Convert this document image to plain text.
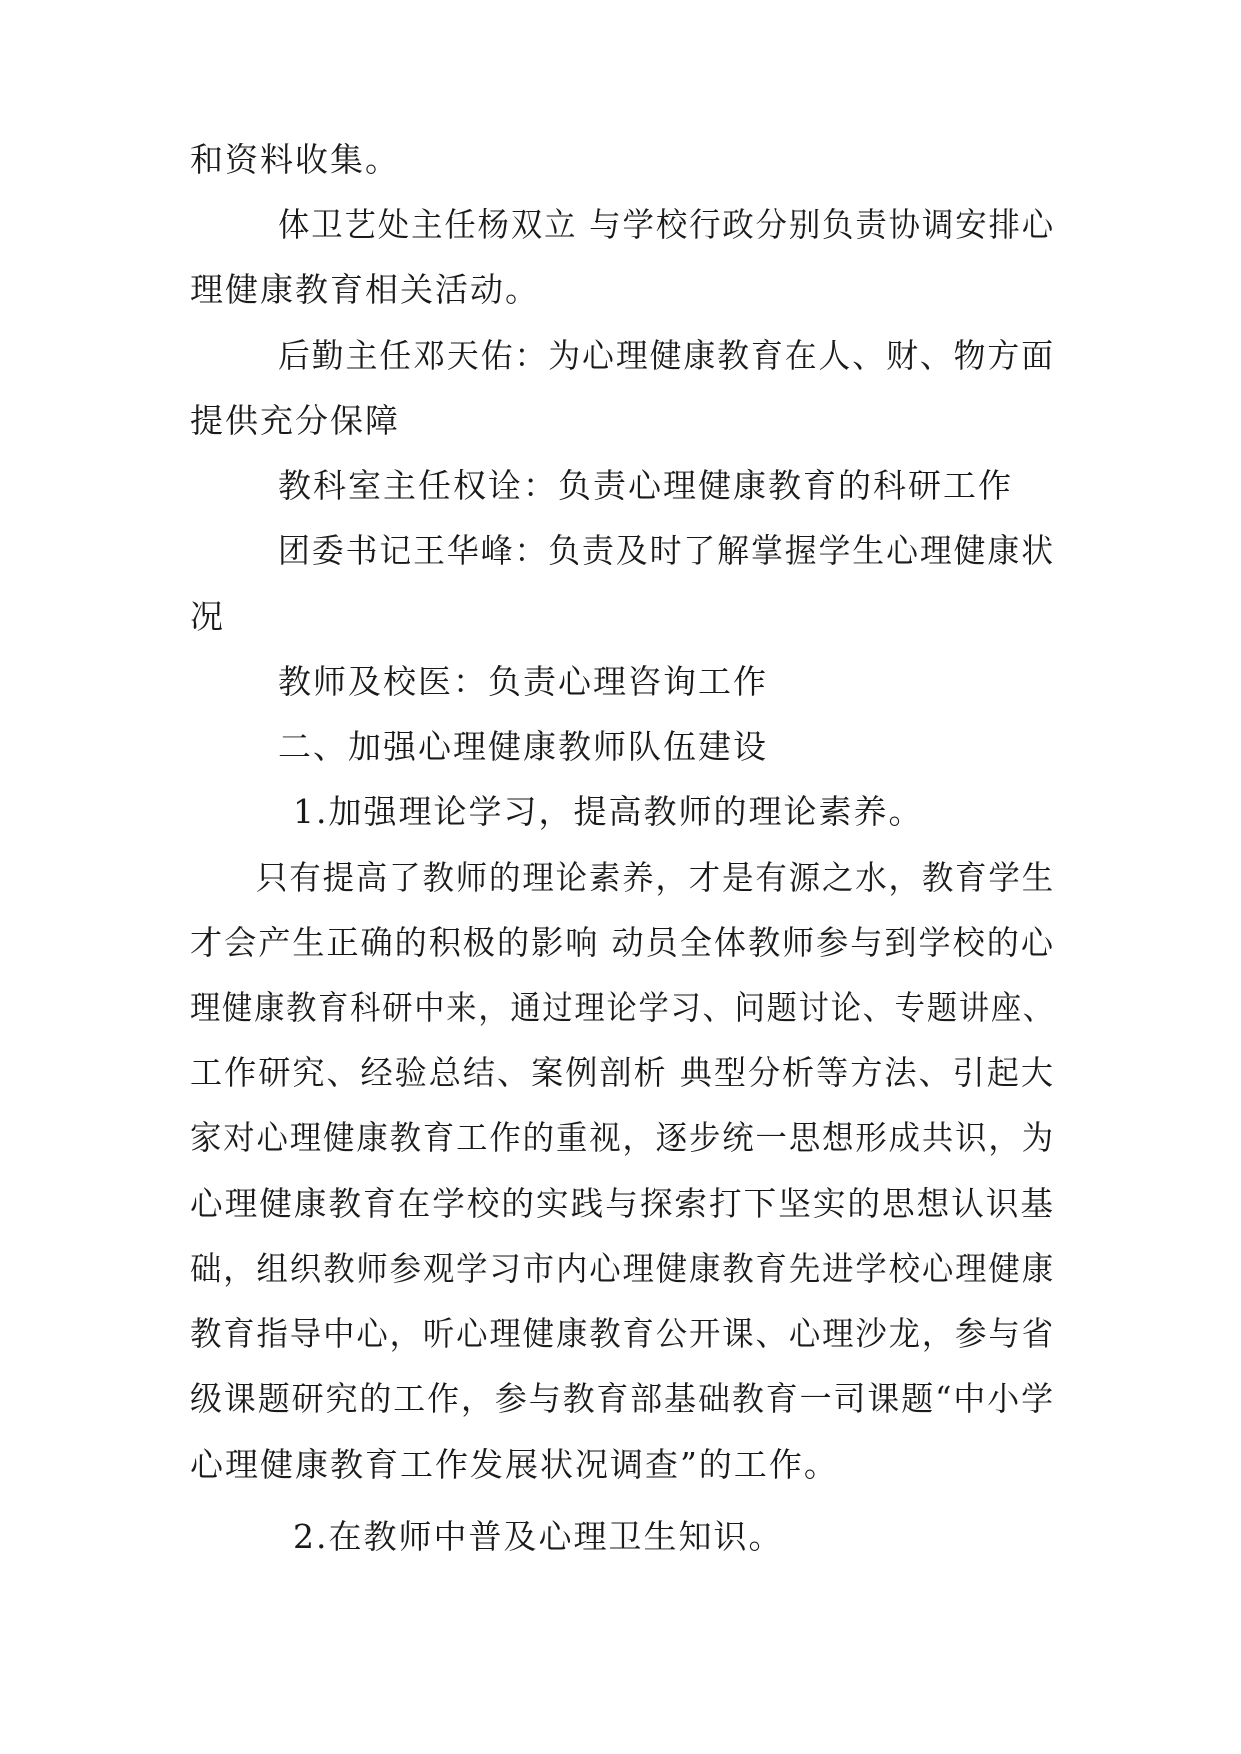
和资料收集。
体卫艺处主任杨双立 与学校行政分别负责协调安排心
理健康教育相关活动。
后勤主任邓天佑：为心理健康教育在人、财、物方面
提供充分保障
教科室主任权诠：负责心理健康教育的科研工作
团委书记王华峰：负责及时了解掌握学生心理健康状
况
教师及校医：负责心理咨询工作
二、加强心理健康教师队伍建设
1.加强理论学习，提高教师的理论素养。
只有提高了教师的理论素养，才是有源之水，教育学生
才会产生正确的积极的影响 动员全体教师参与到学校的心
理健康教育科研中来，通过理论学习、问题讨论、专题讲座、
工作研究、经验总结、案例剖析 典型分析等方法、引起大
家对心理健康教育工作的重视，逐步统一思想形成共识，为
心理健康教育在学校的实践与探索打下坚实的思想认识基
础，组织教师参观学习市内心理健康教育先进学校心理健康
教育指导中心，听心理健康教育公开课、心理沙龙，参与省
级课题研究的工作，参与教育部基础教育一司课题“中小学
心理健康教育工作发展状况调查”的工作。
2.在教师中普及心理卫生知识。
